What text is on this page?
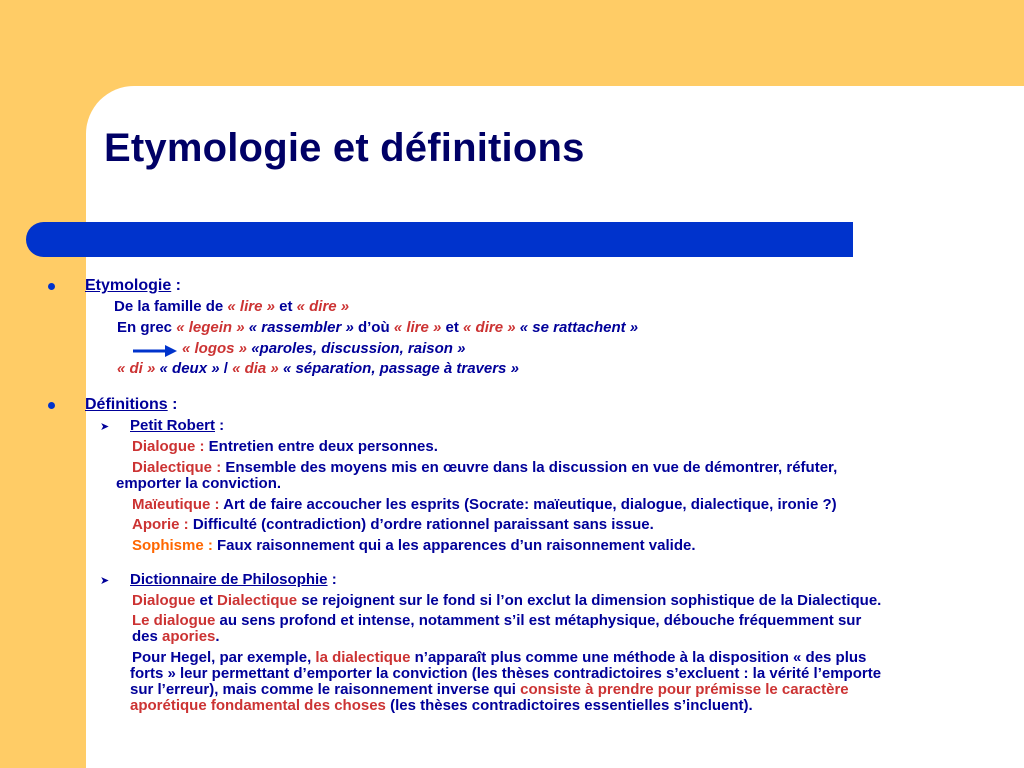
Etymologie et définitions
Etymologie :
De la famille de « lire » et « dire »
En grec « legein » « rassembler » d’où « lire » et « dire » « se rattachent »
« logos » «paroles, discussion, raison »
« di » « deux » / « dia » « séparation, passage à travers »
Définitions :
➤ Petit Robert :
Dialogue : Entretien entre deux personnes.
Dialectique : Ensemble des moyens mis en œuvre dans la discussion en vue de démontrer, réfuter,
emporter la conviction.
Maïeutique : Art de faire accoucher les esprits (Socrate: maïeutique, dialogue, dialectique, ironie ?)
Aporie : Difficulté (contradiction) d’ordre rationnel paraissant sans issue.
Sophisme : Faux raisonnement qui a les apparences d’un raisonnement valide.
➤ Dictionnaire de Philosophie :
Dialogue et Dialectique se rejoignent sur le fond si l’on exclut la dimension sophistique de la Dialectique.
Le dialogue au sens profond et intense, notamment s’il est métaphysique, débouche fréquemment sur
des apories.
Pour Hegel, par exemple, la dialectique n’apparaît plus comme une méthode à la disposition « des plus
forts » leur permettant d’emporter la conviction (les thèses contradictoires s’excluent : la vérité l’emporte
sur l’erreur), mais comme le raisonnement inverse qui consiste à prendre pour prémisse le caractère
aporétique fondamental des choses (les thèses contradictoires essentielles s’incluent).
